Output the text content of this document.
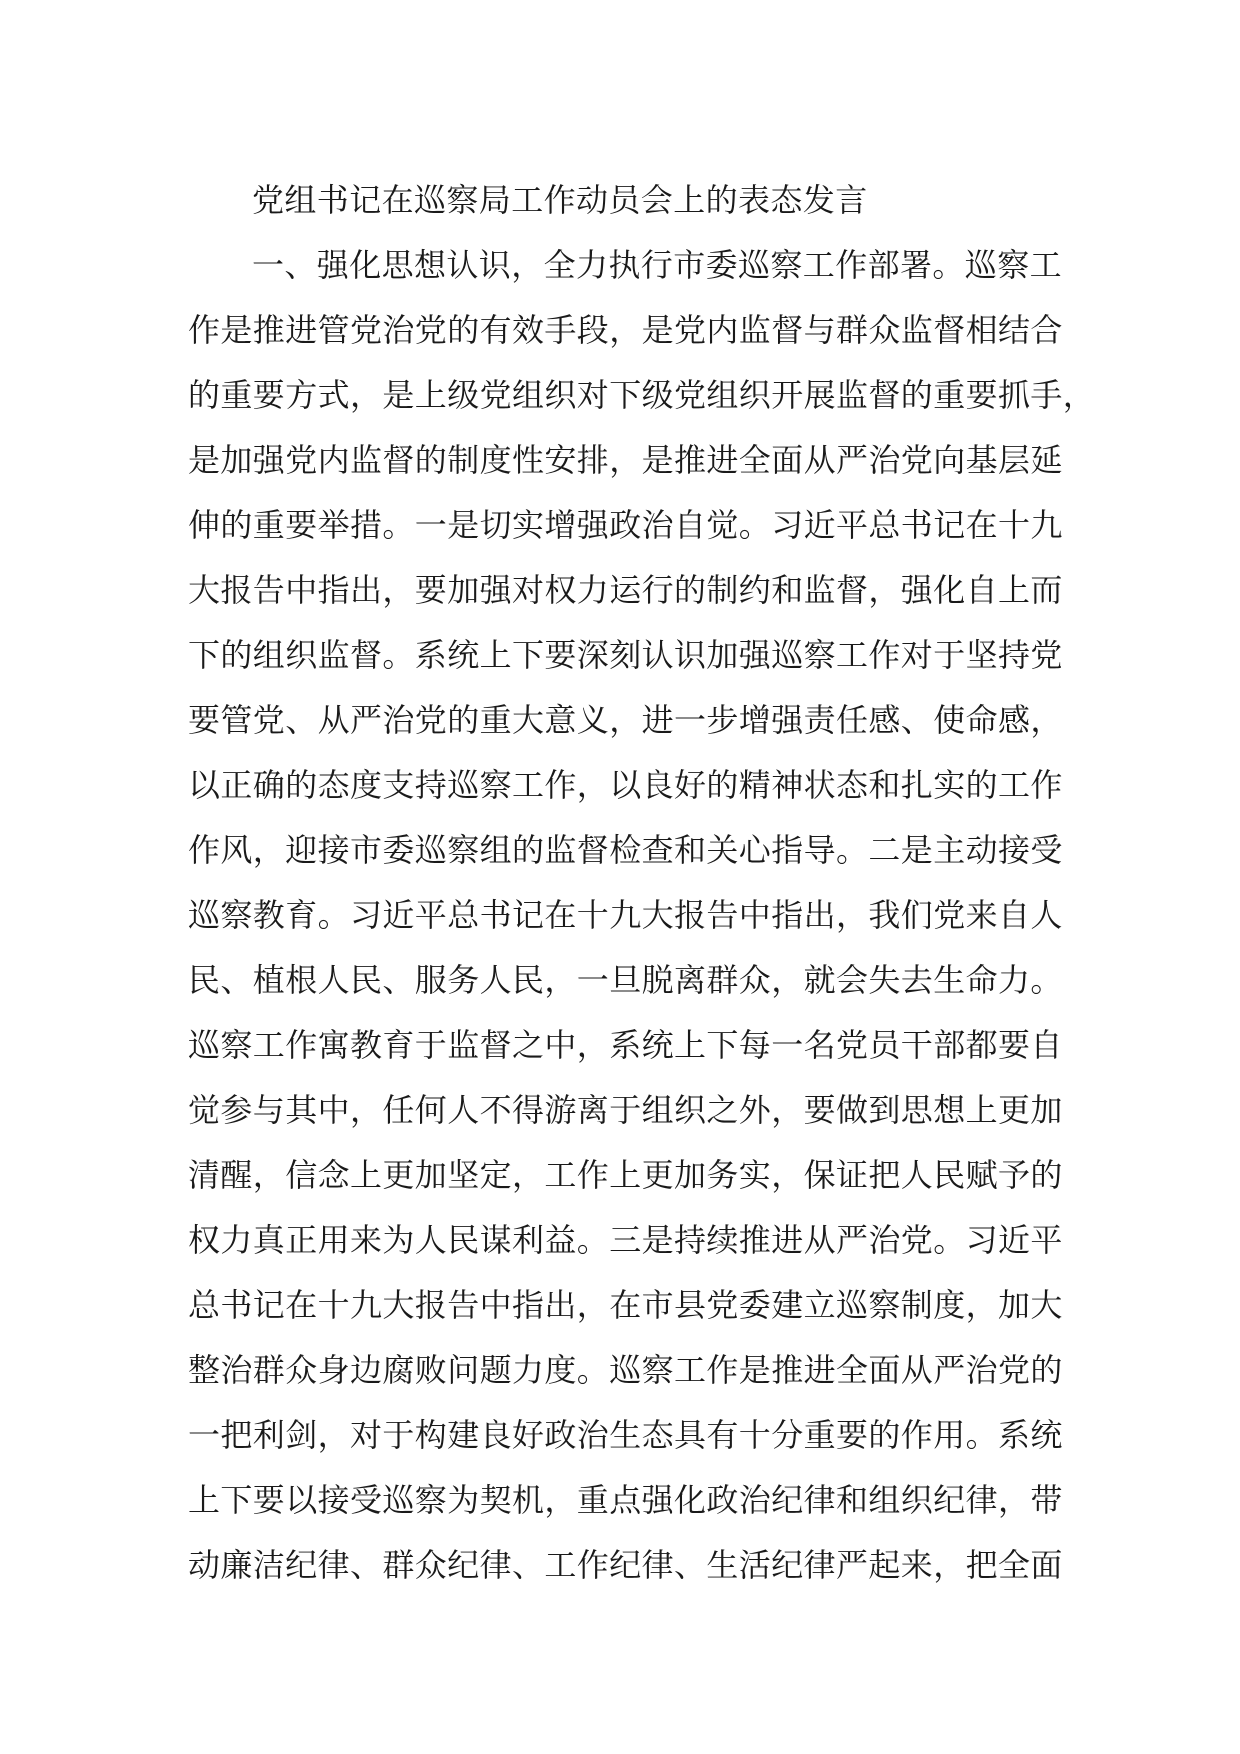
党组书记在巡察局工作动员会上的表态发言
一、强化思想认识，全力执行市委巡察工作部署。巡察工
作是推进管党治党的有效手段，是党内监督与群众监督相结合
的重要方式，是上级党组织对下级党组织开展监督的重要抓手，
是加强党内监督的制度性安排，是推进全面从严治党向基层延
伸的重要举措。一是切实增强政治自觉。习近平总书记在十九
大报告中指出，要加强对权力运行的制约和监督，强化自上而
下的组织监督。系统上下要深刻认识加强巡察工作对于坚持党
要管党、从严治党的重大意义，进一步增强责任感、使命感，
以正确的态度支持巡察工作，以良好的精神状态和扎实的工作
作风，迎接市委巡察组的监督检查和关心指导。二是主动接受
巡察教育。习近平总书记在十九大报告中指出，我们党来自人
民、植根人民、服务人民，一旦脱离群众，就会失去生命力。
巡察工作寓教育于监督之中，系统上下每一名党员干部都要自
觉参与其中，任何人不得游离于组织之外，要做到思想上更加
清醒，信念上更加坚定，工作上更加务实，保证把人民赋予的
权力真正用来为人民谋利益。三是持续推进从严治党。习近平
总书记在十九大报告中指出，在市县党委建立巡察制度，加大
整治群众身边腐败问题力度。巡察工作是推进全面从严治党的
一把利剑，对于构建良好政治生态具有十分重要的作用。系统
上下要以接受巡察为契机，重点强化政治纪律和组织纪律，带
动廉洁纪律、群众纪律、工作纪律、生活纪律严起来，把全面
